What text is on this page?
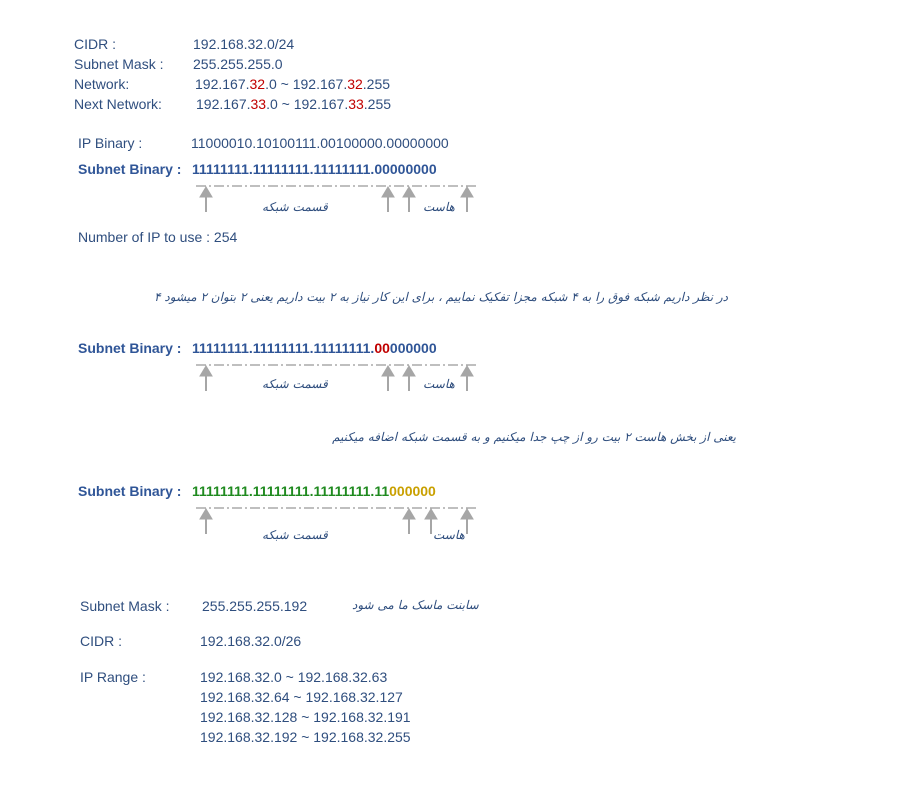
CIDR :	192.168.32.0/24
Subnet Mask : 255.255.255.0
Network:	192.167.32.0 ~ 192.167.32.255
Next Network: 192.167.33.0 ~ 192.167.33.255
IP Binary :	11000010.10100111.00100000.00000000
Subnet Binary : 11111111.11111111.11111111.00000000
قسمت شبکه	هاست
Number of IP to use : 254
در نظر داریم شبکه فوق را به ۴ شبکه مجزا تفکیک نماییم ، برای این کار نیاز به ۲ بیت داریم یعنی ۲ بتوان ۲ میشود ۴
Subnet Binary : 11111111.11111111.11111111.00000000
قسمت شبکه	هاست
یعنی از بخش هاست ۲ بیت رو از چپ جدا میکنیم و به قسمت شبکه اضافه میکنیم
Subnet Binary : 11111111.11111111.11111111.11000000
قسمت شبکه	هاست
Subnet Mask : 255.255.255.192	سابنت ماسک ما می شود
CIDR :	192.168.32.0/26
IP Range :	192.168.32.0 ~ 192.168.32.63
192.168.32.64 ~ 192.168.32.127
192.168.32.128 ~ 192.168.32.191
192.168.32.192 ~ 192.168.32.255
